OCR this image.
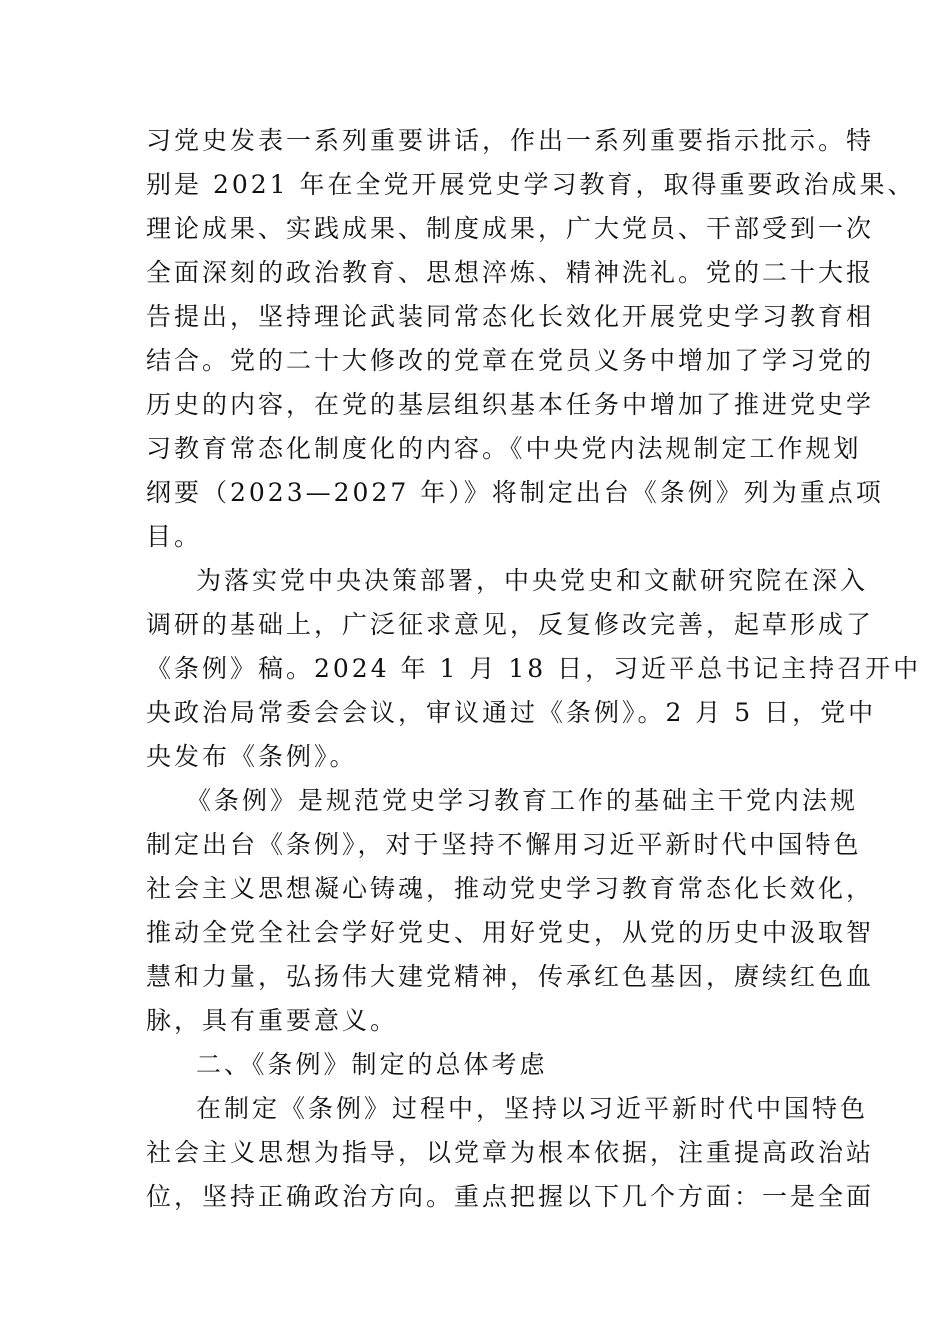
习党史发表一系列重要讲话，作出一系列重要指示批示。特
别是 2021 年在全党开展党史学习教育，取得重要政治成果、
理论成果、实践成果、制度成果，广大党员、干部受到一次
全面深刻的政治教育、思想淬炼、精神洗礼。党的二十大报
告提出，坚持理论武装同常态化长效化开展党史学习教育相
结合。党的二十大修改的党章在党员义务中增加了学习党的
历史的内容，在党的基层组织基本任务中增加了推进党史学
习教育常态化制度化的内容。《中央党内法规制定工作规划
纲要（2023—2027 年）》将制定出台《条例》列为重点项
目。
为落实党中央决策部署，中央党史和文献研究院在深入
调研的基础上，广泛征求意见，反复修改完善，起草形成了
《条例》稿。2024 年 1 月 18 日，习近平总书记主持召开中
央政治局常委会会议，审议通过《条例》。2 月 5 日，党中
央发布《条例》。
《条例》是规范党史学习教育工作的基础主干党内法规
制定出台《条例》，对于坚持不懈用习近平新时代中国特色
社会主义思想凝心铸魂，推动党史学习教育常态化长效化，
推动全党全社会学好党史、用好党史，从党的历史中汲取智
慧和力量，弘扬伟大建党精神，传承红色基因，赓续红色血
脉，具有重要意义。
二、《条例》制定的总体考虑
在制定《条例》过程中，坚持以习近平新时代中国特色
社会主义思想为指导，以党章为根本依据，注重提高政治站
位，坚持正确政治方向。重点把握以下几个方面：一是全面
